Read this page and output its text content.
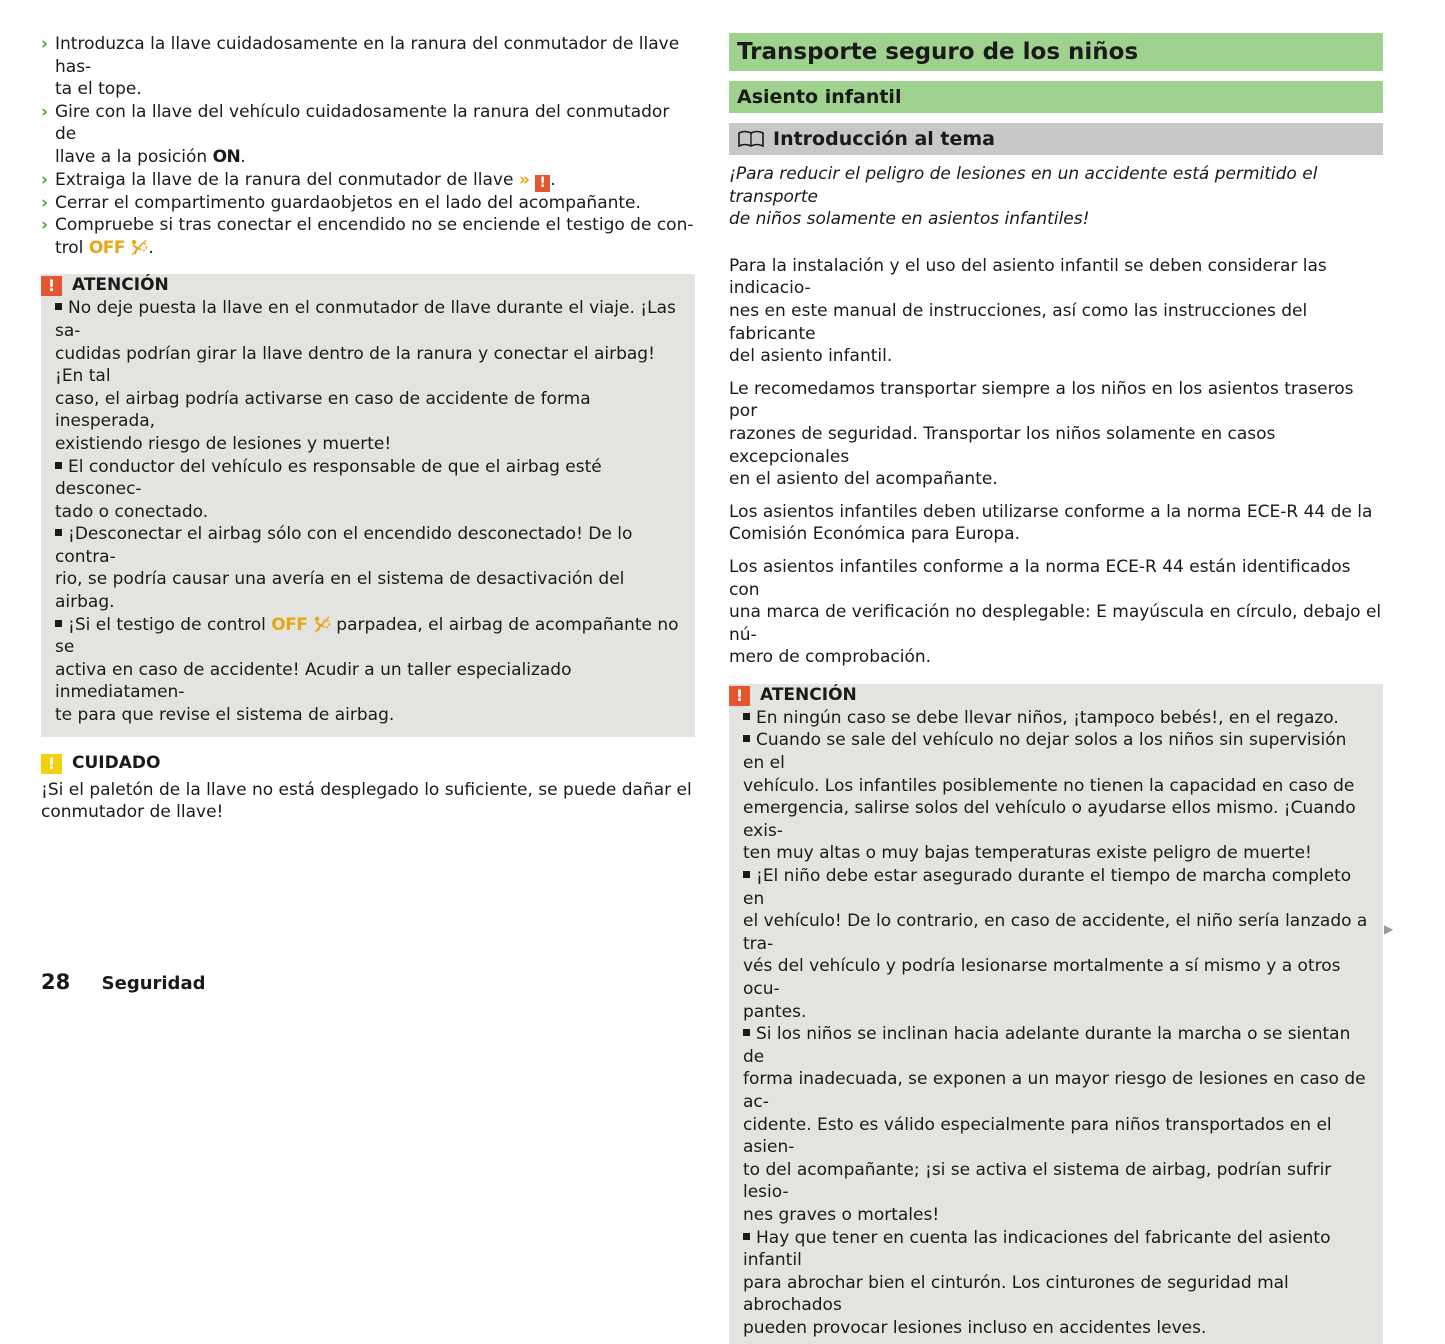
› Introduzca la llave cuidadosamente en la ranura del conmutador de llave has-
ta el tope.
› Gire con la llave del vehículo cuidadosamente la ranura del conmutador de
llave a la posición ON.
› Extraiga la llave de la ranura del conmutador de llave » ! .
› Cerrar el compartimento guardaobjetos en el lado del acompañante.
› Compruebe si tras conectar el encendido no se enciende el testigo de con-
trol OFF .
! ATENCIÓN

No deje puesta la llave en el conmutador de llave durante el viaje. ¡Las sa-
cudidas podrían girar la llave dentro de la ranura y conectar el airbag! ¡En tal
caso, el airbag podría activarse en caso de accidente de forma inesperada,
existiendo riesgo de lesiones y muerte!

El conductor del vehículo es responsable de que el airbag esté desconec-
tado o conectado.

¡Desconectar el airbag sólo con el encendido desconectado! De lo contra-
rio, se podría causar una avería en el sistema de desactivación del airbag.

¡Si el testigo de control OFF parpadea, el airbag de acompañante no se
activa en caso de accidente! Acudir a un taller especializado inmediatamen-
te para que revise el sistema de airbag.

! CUIDADO

¡Si el paletón de la llave no está desplegado lo suficiente, se puede dañar el
conmutador de llave!

Transporte seguro de los niños
Asiento infantil
Introducción al tema

¡Para reducir el peligro de lesiones en un accidente está permitido el transporte
de niños solamente en asientos infantiles!

Para la instalación y el uso del asiento infantil se deben considerar las indicacio-
nes en este manual de instrucciones, así como las instrucciones del fabricante
del asiento infantil.

Le recomedamos transportar siempre a los niños en los asientos traseros por
razones de seguridad. Transportar los niños solamente en casos excepcionales
en el asiento del acompañante.

Los asientos infantiles deben utilizarse conforme a la norma ECE-R 44 de la
Comisión Económica para Europa.

Los asientos infantiles conforme a la norma ECE-R 44 están identificados con
una marca de verificación no desplegable: E mayúscula en círculo, debajo el nú-
mero de comprobación.

! ATENCIÓN

En ningún caso se debe llevar niños, ¡tampoco bebés!, en el regazo.

Cuando se sale del vehículo no dejar solos a los niños sin supervisión en el
vehículo. Los infantiles posiblemente no tienen la capacidad en caso de
emergencia, salirse solos del vehículo o ayudarse ellos mismo. ¡Cuando exis-
ten muy altas o muy bajas temperaturas existe peligro de muerte!

¡El niño debe estar asegurado durante el tiempo de marcha completo en
el vehículo! De lo contrario, en caso de accidente, el niño sería lanzado a tra-
vés del vehículo y podría lesionarse mortalmente a sí mismo y a otros ocu-
pantes.

Si los niños se inclinan hacia adelante durante la marcha o se sientan de
forma inadecuada, se exponen a un mayor riesgo de lesiones en caso de ac-
cidente. Esto es válido especialmente para niños transportados en el asien-
to del acompañante; ¡si se activa el sistema de airbag, podrían sufrir lesio-
nes graves o mortales!

Hay que tener en cuenta las indicaciones del fabricante del asiento infantil
para abrochar bien el cinturón. Los cinturones de seguridad mal abrochados
pueden provocar lesiones incluso en accidentes leves.

▶
28 Seguridad
